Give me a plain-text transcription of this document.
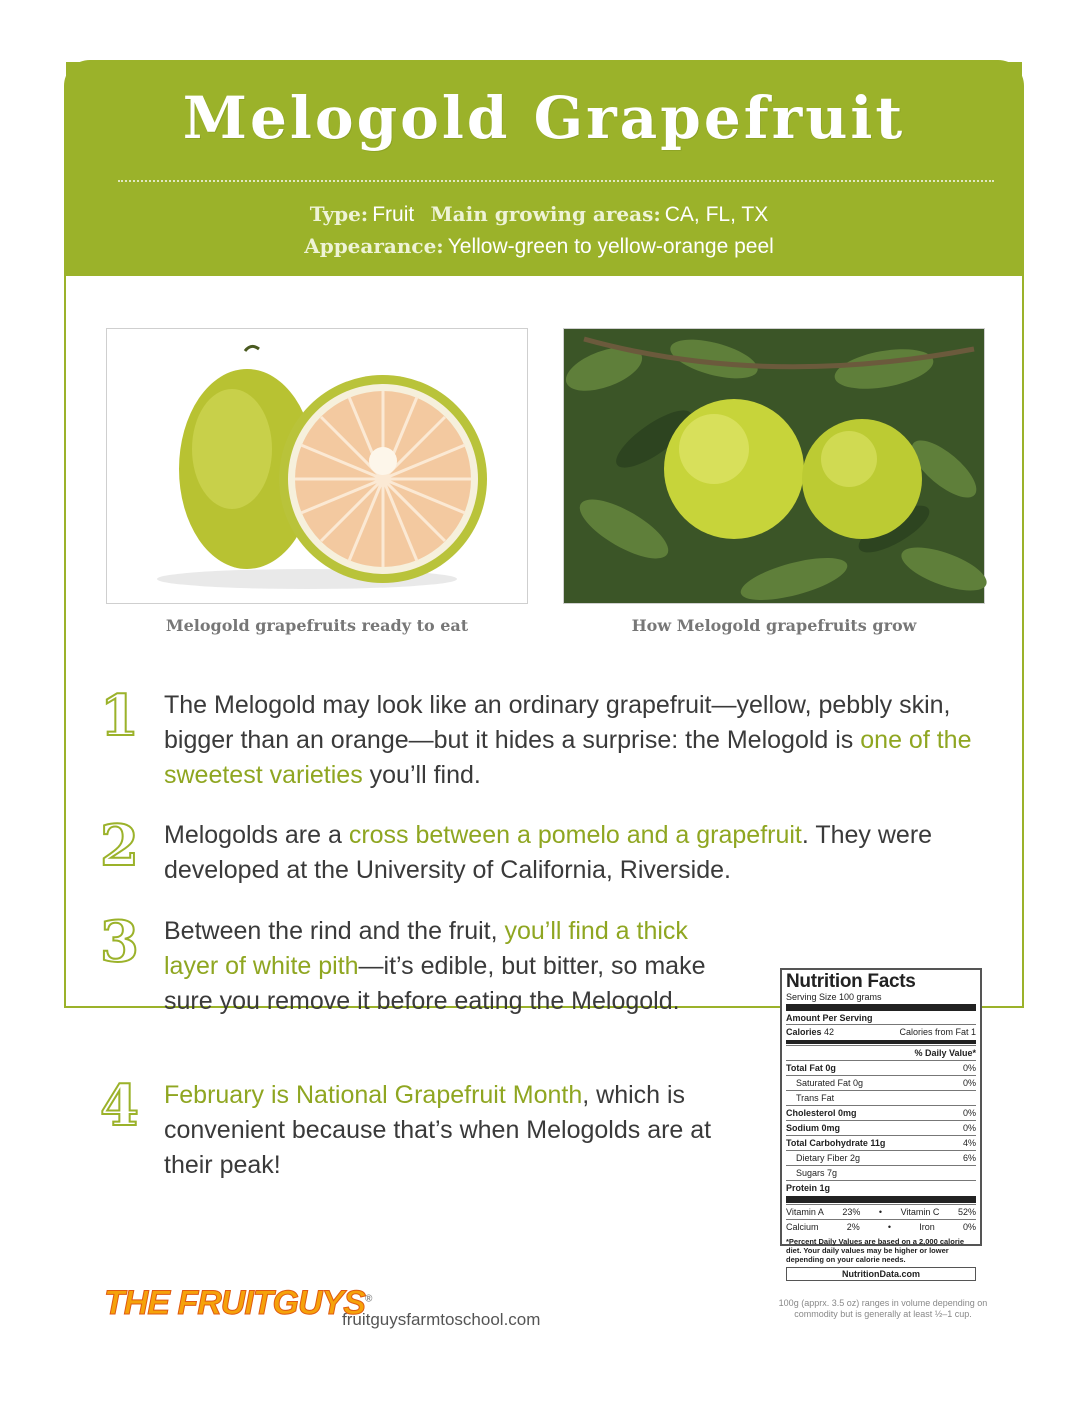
Melogold Grapefruit
Type: Fruit Main growing areas: CA, FL, TX
Appearance: Yellow-green to yellow-orange peel
Melogold grapefruits ready to eat	How Melogold grapefruits grow
1	The Melogold may look like an ordinary grapefruit—yellow, pebbly skin, bigger than an orange—but it hides a surprise: the Melogold is one of the sweetest varieties you’ll find.
2	Melogolds are a cross between a pomelo and a grapefruit. They were developed at the University of California, Riverside.
3	Between the rind and the fruit, you’ll find a thick layer of white pith—it’s edible, but bitter, so make sure you remove it before eating the Melogold.
4	February is National Grapefruit Month, which is convenient because that’s when Melogolds are at their peak!
Nutrition Facts
Serving Size 100 grams
Amount Per Serving
Calories 42	Calories from Fat 1
% Daily Value*
Total Fat 0g	0%
Saturated Fat 0g	0%
Trans Fat
Cholesterol 0mg	0%
Sodium 0mg	0%
Total Carbohydrate 11g	4%
Dietary Fiber 2g	6%
Sugars 7g
Protein 1g
Vitamin A 23% • Vitamin C 52%
Calcium	2%	•	Iron	0%
*Percent Daily Values are based on a 2,000 calorie diet. Your daily values may be higher or lower depending on your calorie needs.
NutritionData.com
100g (apprx. 3.5 oz) ranges in volume depending on commodity but is generally at least ½–1 cup.
THE FRUITGUYS®
fruitguysfarmtoschool.com
